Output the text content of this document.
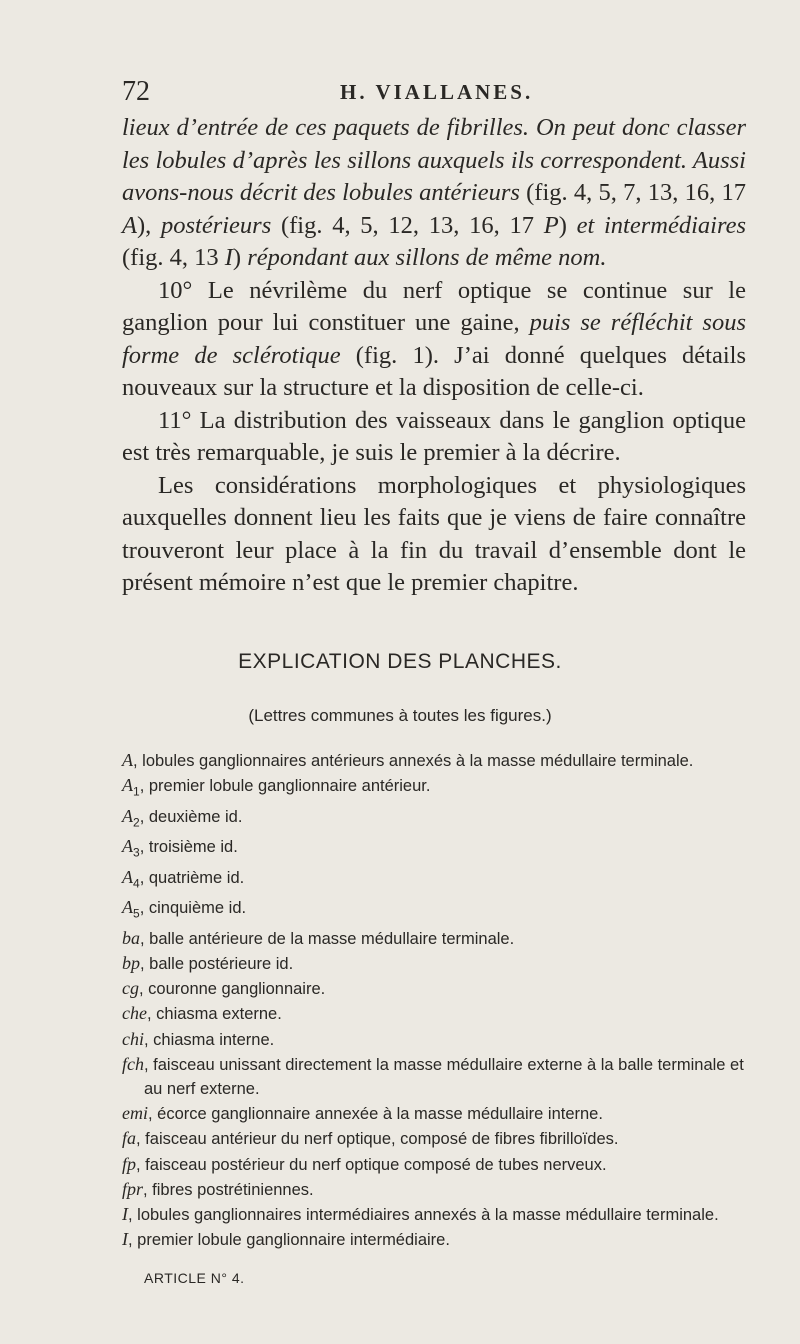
72	H. VIALLANES.

lieux d’entrée de ces paquets de fibrilles. On peut donc classer les lobules d’après les sillons auxquels ils correspondent. Aussi avons-nous décrit des lobules antérieurs (fig. 4, 5, 7, 13, 16, 17 A), postérieurs (fig. 4, 5, 12, 13, 16, 17 P) et intermédiaires (fig. 4, 13 I) répondant aux sillons de même nom.

10° Le névrilème du nerf optique se continue sur le ganglion pour lui constituer une gaine, puis se réfléchit sous forme de sclérotique (fig. 1). J’ai donné quelques détails nouveaux sur la structure et la disposition de celle-ci.

11° La distribution des vaisseaux dans le ganglion optique est très remarquable, je suis le premier à la décrire.

Les considérations morphologiques et physiologiques auxquelles donnent lieu les faits que je viens de faire connaître trouveront leur place à la fin du travail d’ensemble dont le présent mémoire n’est que le premier chapitre.

EXPLICATION DES PLANCHES.
(Lettres communes à toutes les figures.)

A, lobules ganglionnaires antérieurs annexés à la masse médullaire terminale.

$A_1$, premier lobule ganglionnaire antérieur.

$A_2$, deuxième id.

$A_3$, troisième id.

$A_4$, quatrième id.

$A_5$, cinquième id.

ba, balle antérieure de la masse médullaire terminale.

bp, balle postérieure id.

cg, couronne ganglionnaire.

che, chiasma externe.

chi, chiasma interne.

fch, faisceau unissant directement la masse médullaire externe à la balle terminale et au nerf externe.

emi, écorce ganglionnaire annexée à la masse médullaire interne.

fa, faisceau antérieur du nerf optique, composé de fibres fibrilloïdes.

fp, faisceau postérieur du nerf optique composé de tubes nerveux.

fpr, fibres postrétiniennes.

I, lobules ganglionnaires intermédiaires annexés à la masse médullaire terminale.

I, premier lobule ganglionnaire intermédiaire.

ARTICLE N° 4.
